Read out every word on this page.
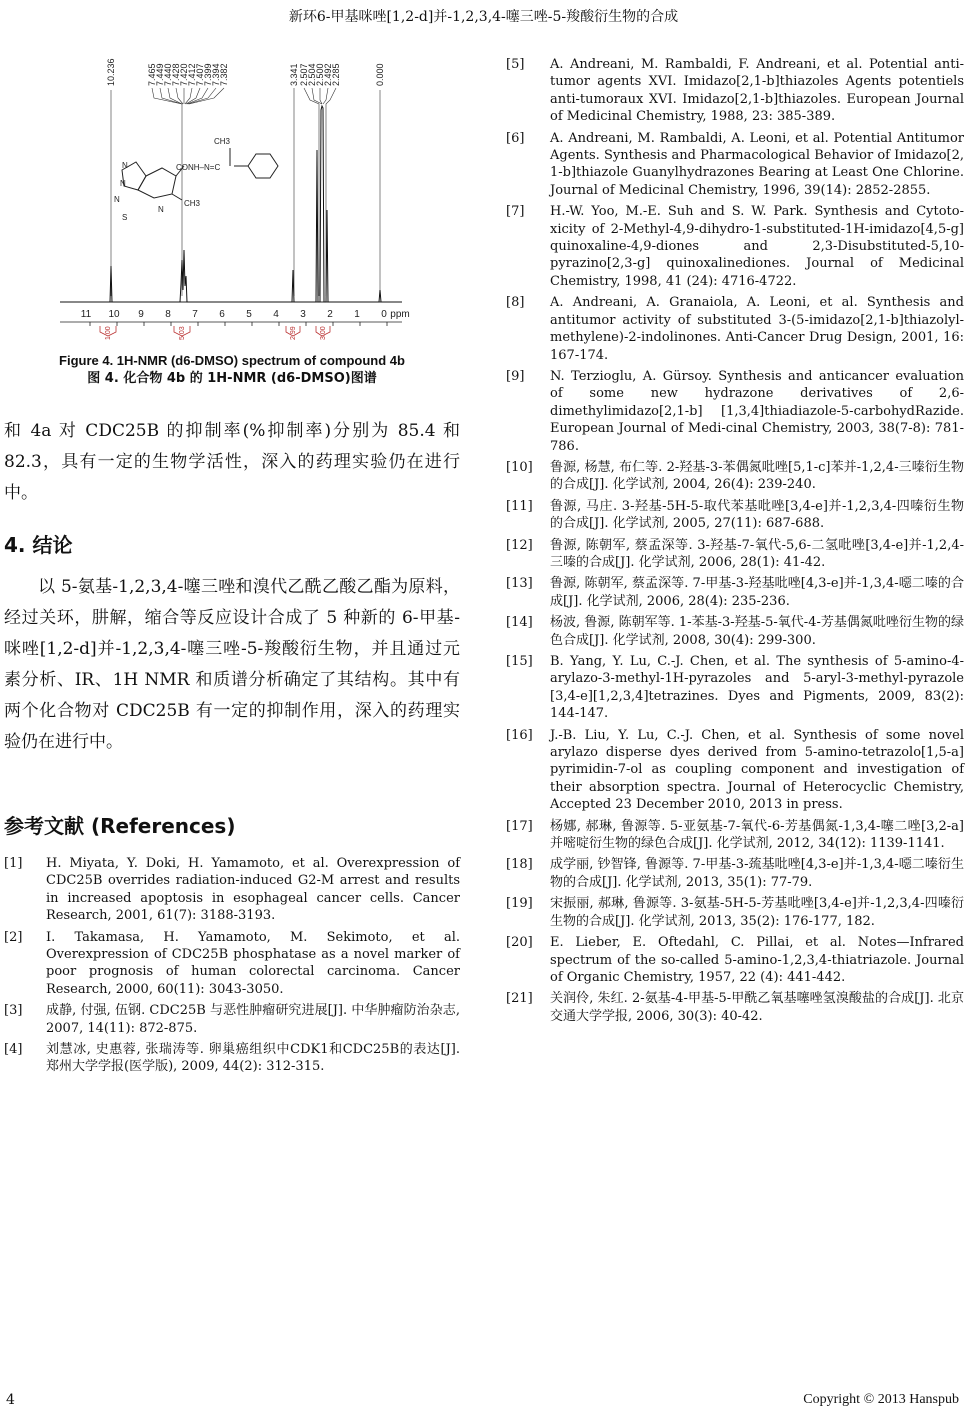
新环6-甲基咪唑[1,2-d]并-1,2,3,4-噻三唑-5-羧酸衍生物的合成
10.236	7.465
7.449
7.440
7.428
7.420
7.412
7.407
7.399
7.394
7.382	3.341 2.507
2.504
2.500
2.492
2.285	0.000
11 10 9 8 7 6 5 4 3 2 1 0 ppm
1.00	5.03	2.99	3.00
CH3
CONH–N=C
CH3
N
N
N
S
N
Figure 4. 1H-NMR (d6-DMSO) spectrum of compound 4b
图 4. 化合物 4b 的 1H-NMR (d6-DMSO)图谱

和 4a 对 CDC25B 的抑制率(%抑制率)分别为 85.4 和 82.3，具有一定的生物学活性，深入的药理实验仍在进行中。

4. 结论

以 5-氨基-1,2,3,4-噻三唑和溴代乙酰乙酸乙酯为原料，经过关环，肼解，缩合等反应设计合成了 5 种新的 6-甲基-咪唑[1,2-d]并-1,2,3,4-噻三唑-5-羧酸衍生物，并且通过元素分析、IR、1H NMR 和质谱分析确定了其结构。其中有两个化合物对 CDC25B 有一定的抑制作用，深入的药理实验仍在进行中。

参考文献 (References)
[1] H. Miyata, Y. Doki, H. Yamamoto, et al. Overexpression of CDC25B overrides radiation-induced G2-M arrest and results in increased apoptosis in esophageal cancer cells. Cancer Research, 2001, 61(7): 3188-3193.
[2] I. Takamasa, H. Yamamoto, M. Sekimoto, et al. Overexpression of CDC25B phosphatase as a novel marker of poor prognosis of human colorectal carcinoma. Cancer Research, 2000, 60(11): 3043-3050.
[3] 成静, 付强, 伍钢. CDC25B 与恶性肿瘤研究进展[J]. 中华肿瘤防治杂志, 2007, 14(11): 872-875.
[4] 刘慧冰, 史惠蓉, 张瑞涛等. 卵巢癌组织中CDK1和CDC25B的表达[J]. 郑州大学学报(医学版), 2009, 44(2): 312-315.
[5] A. Andreani, M. Rambaldi, F. Andreani, et al. Potential anti-tumor agents XVI. Imidazo[2,1-b]thiazoles Agents potentiels anti-tumoraux XVI. Imidazo[2,1-b]thiazoles. European Journal of Medicinal Chemistry, 1988, 23: 385-389.
[6] A. Andreani, M. Rambaldi, A. Leoni, et al. Potential Antitumor Agents. Synthesis and Pharmacological Behavior of Imidazo[2, 1-b]thiazole Guanylhydrazones Bearing at Least One Chlorine. Journal of Medicinal Chemistry, 1996, 39(14): 2852-2855.
[7] H.-W. Yoo, M.-E. Suh and S. W. Park. Synthesis and Cytoto-xicity of 2-Methyl-4,9-dihydro-1-substituted-1H-imidazo[4,5-g] quinoxaline-4,9-diones and 2,3-Disubstituted-5,10-pyrazino[2,3-g] quinoxalinediones. Journal of Medicinal Chemistry, 1998, 41 (24): 4716-4722.
[8] A. Andreani, A. Granaiola, A. Leoni, et al. Synthesis and antitumor activity of substituted 3-(5-imidazo[2,1-b]thiazolyl-methylene)-2-indolinones. Anti-Cancer Drug Design, 2001, 16: 167-174.
[9] N. Terzioglu, A. Gürsoy. Synthesis and anticancer evaluation of some new hydrazone derivatives of 2,6-dimethylimidazo[2,1-b] [1,3,4]thiadiazole-5-carbohydRazide. European Journal of Medi-cinal Chemistry, 2003, 38(7-8): 781-786.
[10] 鲁源, 杨慧, 布仁等. 2-羟基-3-苯偶氮吡唑[5,1-c]苯并-1,2,4-三嗪衍生物的合成[J]. 化学试剂, 2004, 26(4): 239-240.
[11] 鲁源, 马庄. 3-羟基-5H-5-取代苯基吡唑[3,4-e]并-1,2,3,4-四嗪衍生物的合成[J]. 化学试剂, 2005, 27(11): 687-688.
[12] 鲁源, 陈朝军, 蔡孟深等. 3-羟基-7-氧代-5,6-二氢吡唑[3,4-e]并-1,2,4-三嗪的合成[J]. 化学试剂, 2006, 28(1): 41-42.
[13] 鲁源, 陈朝军, 蔡孟深等. 7-甲基-3-羟基吡唑[4,3-e]并-1,3,4-噁二嗪的合成[J]. 化学试剂, 2006, 28(4): 235-236.
[14] 杨波, 鲁源, 陈朝军等. 1-苯基-3-羟基-5-氧代-4-芳基偶氮吡唑衍生物的绿色合成[J]. 化学试剂, 2008, 30(4): 299-300.
[15] B. Yang, Y. Lu, C.-J. Chen, et al. The synthesis of 5-amino-4-arylazo-3-methyl-1H-pyrazoles and 5-aryl-3-methyl-pyrazole [3,4-e][1,2,3,4]tetrazines. Dyes and Pigments, 2009, 83(2): 144-147.
[16] J.-B. Liu, Y. Lu, C.-J. Chen, et al. Synthesis of some novel arylazo disperse dyes derived from 5-amino-tetrazolo[1,5-a] pyrimidin-7-ol as coupling component and investigation of their absorption spectra. Journal of Heterocyclic Chemistry, Accepted 23 December 2010, 2013 in press.
[17] 杨娜, 郝琳, 鲁源等. 5-亚氨基-7-氧代-6-芳基偶氮-1,3,4-噻二唑[3,2-a]并嘧啶衍生物的绿色合成[J]. 化学试剂, 2012, 34(12): 1139-1141.
[18] 成学丽, 钞智锋, 鲁源等. 7-甲基-3-巯基吡唑[4,3-e]并-1,3,4-噁二嗪衍生物的合成[J]. 化学试剂, 2013, 35(1): 77-79.
[19] 宋振丽, 郝琳, 鲁源等. 3-氨基-5H-5-芳基吡唑[3,4-e]并-1,2,3,4-四嗪衍生物的合成[J]. 化学试剂, 2013, 35(2): 176-177, 182.
[20] E. Lieber, E. Oftedahl, C. Pillai, et al. Notes—Infrared spectrum of the so-called 5-amino-1,2,3,4-thiatriazole. Journal of Organic Chemistry, 1957, 22 (4): 441-442.
[21] 关润伶, 朱红. 2-氨基-4-甲基-5-甲酰乙氧基噻唑氢溴酸盐的合成[J]. 北京交通大学学报, 2006, 30(3): 40-42.
4	Copyright © 2013 Hanspub
